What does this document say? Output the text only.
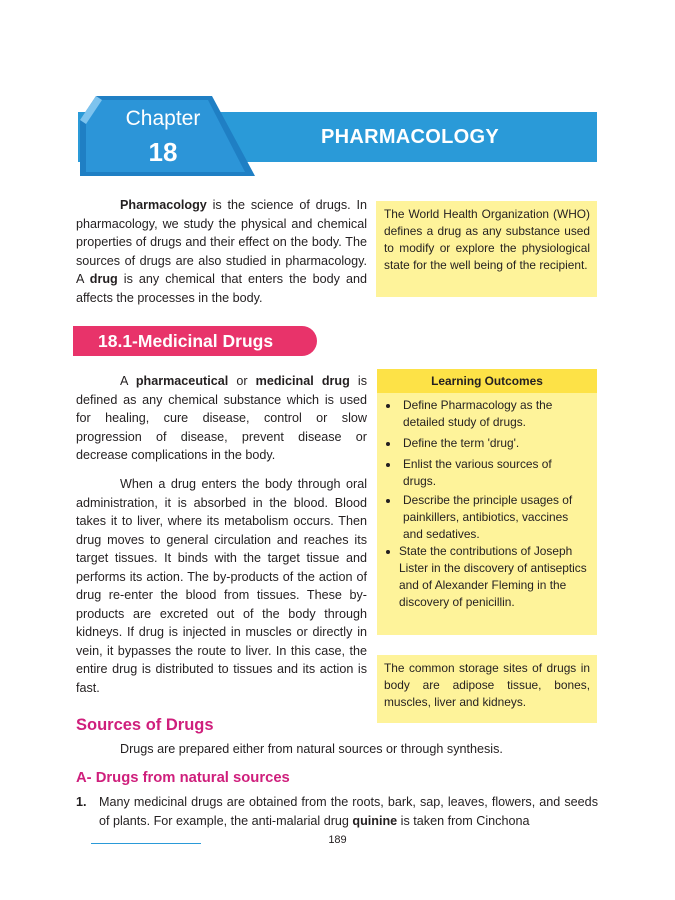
Chapter
18	PHARMACOLOGY
Pharmacology is the science of drugs. In pharmacology, we study the physical and chemical properties of drugs and their effect on the body. The sources of drugs are also studied in pharmacology. A drug is any chemical that enters the body and affects the processes in the body.
The World Health Organization (WHO) defines a drug as any substance used to modify or explore the physiological state for the well being of the recipient.
18.1-Medicinal Drugs
A pharmaceutical or medicinal drug is defined as any chemical substance which is used for healing, cure disease, control or slow progression of disease, prevent disease or decrease complications in the body.
When a drug enters the body through oral administration, it is absorbed in the blood. Blood takes it to liver, where its metabolism occurs. Then drug moves to general circulation and reaches its target tissues. It binds with the target tissue and performs its action. The by-products of the action of drug re-enter the blood from tissues. These by-products are excreted out of the body through kidneys. If drug is injected in muscles or directly in vein, it bypasses the route to liver. In this case, the entire drug is distributed to tissues and its action is fast.
Learning Outcomes
Define Pharmacology as the detailed study of drugs.
Define the term 'drug'.
Enlist the various sources of drugs.
Describe the principle usages of painkillers, antibiotics, vaccines and sedatives.
State the contributions of Joseph Lister in the discovery of antiseptics and of Alexander Fleming in the discovery of penicillin.
The common storage sites of drugs in body are adipose tissue, bones, muscles, liver and kidneys.
Sources of Drugs
Drugs are prepared either from natural sources or through synthesis.
A- Drugs from natural sources
1. Many medicinal drugs are obtained from the roots, bark, sap, leaves, flowers, and seeds of plants. For example, the anti-malarial drug quinine is taken from Cinchona
189
